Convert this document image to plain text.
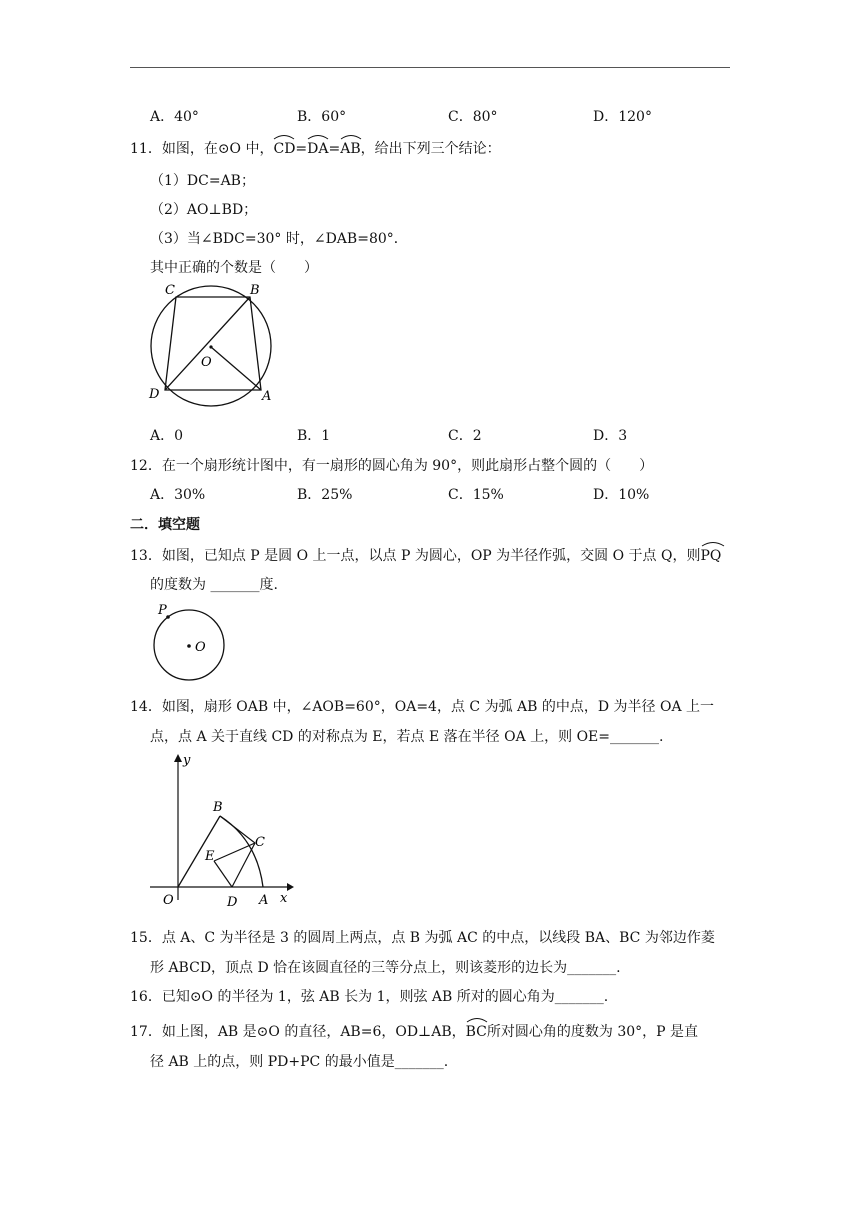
A．40°	B．60°	C．80°	D．120°
11．如图，在⊙O 中，
CD=
DA=
AB，给出下列三个结论：
（1）DC=AB；
（2）AO⊥BD；
（3）当∠BDC=30° 时，∠DAB=80°．
其中正确的个数是（　　）
C	B
O
D	A
A．0	B．1	C．2	D．3
12．在一个扇形统计图中，有一扇形的圆心角为 90°，则此扇形占整个圆的（　　）
A．30%	B．25%	C．15%	D．10%
二．填空题
13．如图，已知点 P 是圆 O 上一点，以点 P 为圆心，OP 为半径作弧，交圆 O 于点 Q，则
PQ
的度数为 _______度.
P
O
14．如图，扇形 OAB 中，∠AOB=60°，OA=4，点 C 为弧 AB 的中点，D 为半径 OA 上一
点，点 A 关于直线 CD 的对称点为 E，若点 E 落在半径 OA 上，则 OE=_______.
y
x
O	A
B
C
D
E
15．点 A、C 为半径是 3 的圆周上两点，点 B 为弧 AC 的中点，以线段 BA、BC 为邻边作菱
形 ABCD，顶点 D 恰在该圆直径的三等分点上，则该菱形的边长为_______.
16．已知⊙O 的半径为 1，弦 AB 长为 1，则弦 AB 所对的圆心角为_______.
17．如上图，AB 是⊙O 的直径，AB=6，OD⊥AB，
BC所对圆心角的度数为 30°，P 是直
径 AB 上的点，则 PD+PC 的最小值是_______.
